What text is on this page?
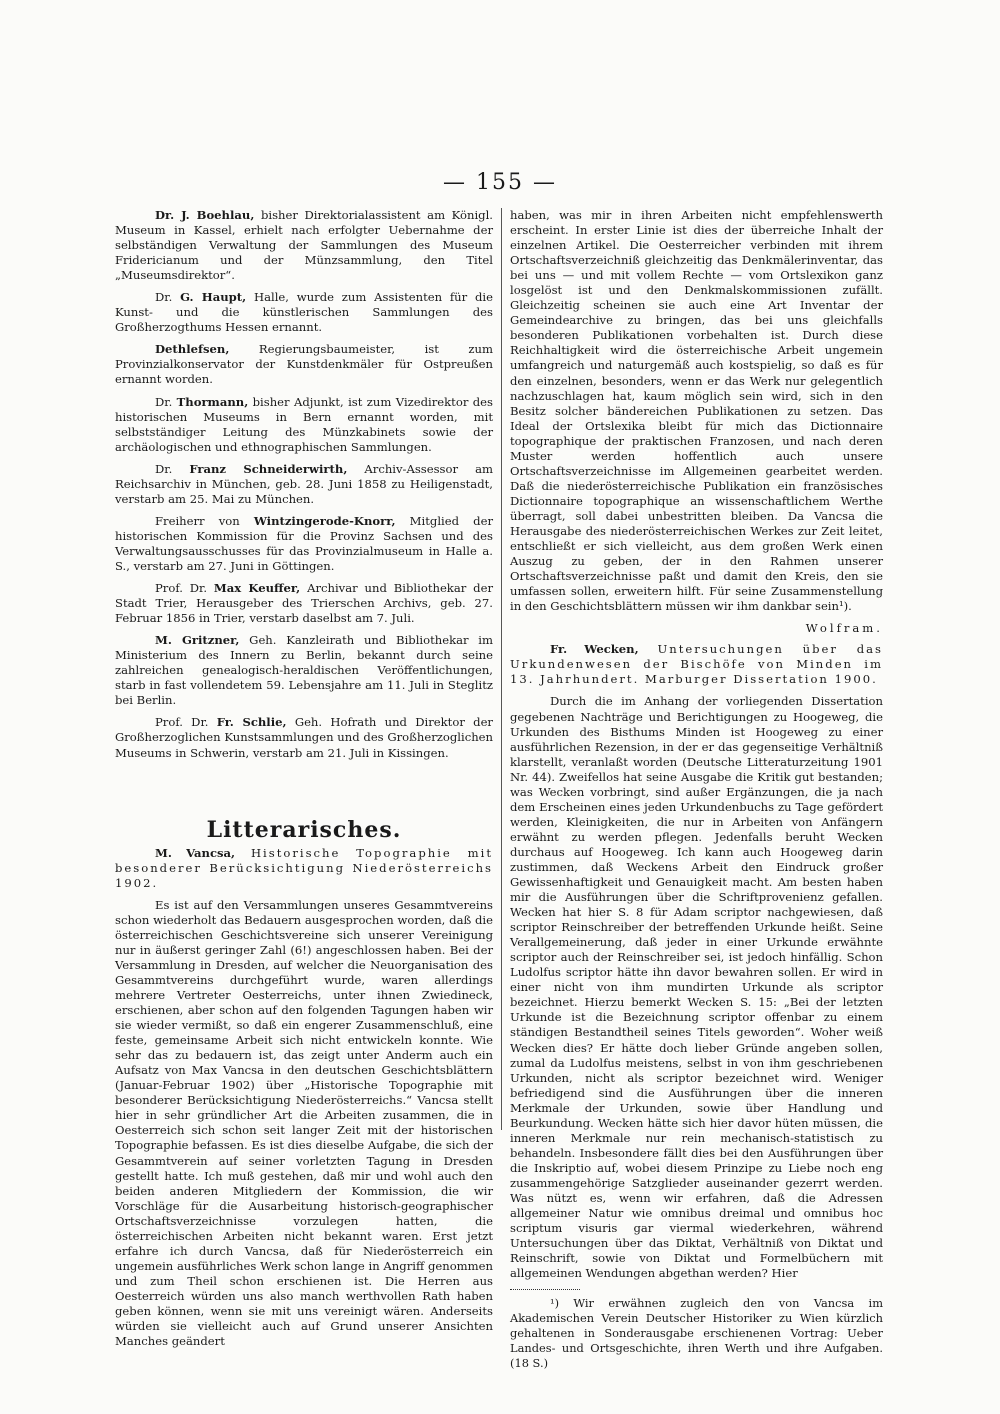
— 155 —

Dr. J. Boehlau, bisher Direktorialassistent am Königl. Museum in Kassel, erhielt nach erfolgter Uebernahme der selbständigen Verwaltung der Sammlungen des Museum Fridericianum und der Münzsammlung, den Titel „Museumsdirektor“.

Dr. G. Haupt, Halle, wurde zum Assistenten für die Kunst- und die künstlerischen Sammlungen des Großherzogthums Hessen ernannt.

Dethlefsen, Regierungsbaumeister, ist zum Provinzialkonservator der Kunstdenkmäler für Ostpreußen ernannt worden.

Dr. Thormann, bisher Adjunkt, ist zum Vizedirektor des historischen Museums in Bern ernannt worden, mit selbstständiger Leitung des Münzkabinets sowie der archäologischen und ethnographischen Sammlungen.

Dr. Franz Schneiderwirth, Archiv-Assessor am Reichsarchiv in München, geb. 28. Juni 1858 zu Heiligenstadt, verstarb am 25. Mai zu München.

Freiherr von Wintzingerode-Knorr, Mitglied der historischen Kommission für die Provinz Sachsen und des Verwaltungsausschusses für das Provinzialmuseum in Halle a. S., verstarb am 27. Juni in Göttingen.

Prof. Dr. Max Keuffer, Archivar und Bibliothekar der Stadt Trier, Herausgeber des Trierschen Archivs, geb. 27. Februar 1856 in Trier, verstarb daselbst am 7. Juli.

M. Gritzner, Geh. Kanzleirath und Bibliothekar im Ministerium des Innern zu Berlin, bekannt durch seine zahlreichen genealogisch-heraldischen Veröffentlichungen, starb in fast vollendetem 59. Lebensjahre am 11. Juli in Steglitz bei Berlin.

Prof. Dr. Fr. Schlie, Geh. Hofrath und Direktor der Großherzoglichen Kunstsammlungen und des Großherzoglichen Museums in Schwerin, verstarb am 21. Juli in Kissingen.

Litterarisches.

M. Vancsa, Historische Topographie mit besonderer Berücksichtigung Niederösterreichs 1902.

Es ist auf den Versammlungen unseres Gesammtvereins schon wiederholt das Bedauern ausgesprochen worden, daß die österreichischen Geschichtsvereine sich unserer Vereinigung nur in äußerst geringer Zahl (6!) angeschlossen haben. Bei der Versammlung in Dresden, auf welcher die Neuorganisation des Gesammtvereins durchgeführt wurde, waren allerdings mehrere Vertreter Oesterreichs, unter ihnen Zwiedineck, erschienen, aber schon auf den folgenden Tagungen haben wir sie wieder vermißt, so daß ein engerer Zusammenschluß, eine feste, gemeinsame Arbeit sich nicht entwickeln konnte. Wie sehr das zu bedauern ist, das zeigt unter Anderm auch ein Aufsatz von Max Vancsa in den deutschen Geschichtsblättern (Januar-Februar 1902) über „Historische Topographie mit besonderer Berücksichtigung Niederösterreichs.“ Vancsa stellt hier in sehr gründlicher Art die Arbeiten zusammen, die in Oesterreich sich schon seit langer Zeit mit der historischen Topographie befassen. Es ist dies dieselbe Aufgabe, die sich der Gesammtverein auf seiner vorletzten Tagung in Dresden gestellt hatte. Ich muß gestehen, daß mir und wohl auch den beiden anderen Mitgliedern der Kommission, die wir Vorschläge für die Ausarbeitung historisch-geographischer Ortschaftsverzeichnisse vorzulegen hatten, die österreichischen Arbeiten nicht bekannt waren. Erst jetzt erfahre ich durch Vancsa, daß für Niederösterreich ein ungemein ausführliches Werk schon lange in Angriff genommen und zum Theil schon erschienen ist. Die Herren aus Oesterreich würden uns also manch werthvollen Rath haben geben können, wenn sie mit uns vereinigt wären. Anderseits würden sie vielleicht auch auf Grund unserer Ansichten Manches geändert

haben, was mir in ihren Arbeiten nicht empfehlenswerth erscheint. In erster Linie ist dies der überreiche Inhalt der einzelnen Artikel. Die Oesterreicher verbinden mit ihrem Ortschaftsverzeichniß gleichzeitig das Denkmälerinventar, das bei uns — und mit vollem Rechte — vom Ortslexikon ganz losgelöst ist und den Denkmalskommissionen zufällt. Gleichzeitig scheinen sie auch eine Art Inventar der Gemeindearchive zu bringen, das bei uns gleichfalls besonderen Publikationen vorbehalten ist. Durch diese Reichhaltigkeit wird die österreichische Arbeit ungemein umfangreich und naturgemäß auch kostspielig, so daß es für den einzelnen, besonders, wenn er das Werk nur gelegentlich nachzuschlagen hat, kaum möglich sein wird, sich in den Besitz solcher bändereichen Publikationen zu setzen. Das Ideal der Ortslexika bleibt für mich das Dictionnaire topographique der praktischen Franzosen, und nach deren Muster werden hoffentlich auch unsere Ortschaftsverzeichnisse im Allgemeinen gearbeitet werden. Daß die niederösterreichische Publikation ein französisches Dictionnaire topographique an wissenschaftlichem Werthe überragt, soll dabei unbestritten bleiben. Da Vancsa die Herausgabe des niederösterreichischen Werkes zur Zeit leitet, entschließt er sich vielleicht, aus dem großen Werk einen Auszug zu geben, der in den Rahmen unserer Ortschaftsverzeichnisse paßt und damit den Kreis, den sie umfassen sollen, erweitern hilft. Für seine Zusammenstellung in den Geschichtsblättern müssen wir ihm dankbar sein¹).

Wolfram.

Fr. Wecken, Untersuchungen über das Urkundenwesen der Bischöfe von Minden im 13. Jahrhundert. Marburger Dissertation 1900.

Durch die im Anhang der vorliegenden Dissertation gegebenen Nachträge und Berichtigungen zu Hoogeweg, die Urkunden des Bisthums Minden ist Hoogeweg zu einer ausführlichen Rezension, in der er das gegenseitige Verhältniß klarstellt, veranlaßt worden (Deutsche Litteraturzeitung 1901 Nr. 44). Zweifellos hat seine Ausgabe die Kritik gut bestanden; was Wecken vorbringt, sind außer Ergänzungen, die ja nach dem Erscheinen eines jeden Urkundenbuchs zu Tage gefördert werden, Kleinigkeiten, die nur in Arbeiten von Anfängern erwähnt zu werden pflegen. Jedenfalls beruht Wecken durchaus auf Hoogeweg. Ich kann auch Hoogeweg darin zustimmen, daß Weckens Arbeit den Eindruck großer Gewissenhaftigkeit und Genauigkeit macht. Am besten haben mir die Ausführungen über die Schriftprovenienz gefallen. Wecken hat hier S. 8 für Adam scriptor nachgewiesen, daß scriptor Reinschreiber der betreffenden Urkunde heißt. Seine Verallgemeinerung, daß jeder in einer Urkunde erwähnte scriptor auch der Reinschreiber sei, ist jedoch hinfällig. Schon Ludolfus scriptor hätte ihn davor bewahren sollen. Er wird in einer nicht von ihm mundirten Urkunde als scriptor bezeichnet. Hierzu bemerkt Wecken S. 15: „Bei der letzten Urkunde ist die Bezeichnung scriptor offenbar zu einem ständigen Bestandtheil seines Titels geworden“. Woher weiß Wecken dies? Er hätte doch lieber Gründe angeben sollen, zumal da Ludolfus meistens, selbst in von ihm geschriebenen Urkunden, nicht als scriptor bezeichnet wird. Weniger befriedigend sind die Ausführungen über die inneren Merkmale der Urkunden, sowie über Handlung und Beurkundung. Wecken hätte sich hier davor hüten müssen, die inneren Merkmale nur rein mechanisch-statistisch zu behandeln. Insbesondere fällt dies bei den Ausführungen über die Inskriptio auf, wobei diesem Prinzipe zu Liebe noch eng zusammengehörige Satzglieder auseinander gezerrt werden. Was nützt es, wenn wir erfahren, daß die Adressen allgemeiner Natur wie omnibus dreimal und omnibus hoc scriptum visuris gar viermal wiederkehren, während Untersuchungen über das Diktat, Verhältniß von Diktat und Reinschrift, sowie von Diktat und Formelbüchern mit allgemeinen Wendungen abgethan werden? Hier

¹) Wir erwähnen zugleich den von Vancsa im Akademischen Verein Deutscher Historiker zu Wien kürzlich gehaltenen in Sonderausgabe erschienenen Vortrag: Ueber Landes- und Ortsgeschichte, ihren Werth und ihre Aufgaben. (18 S.)
